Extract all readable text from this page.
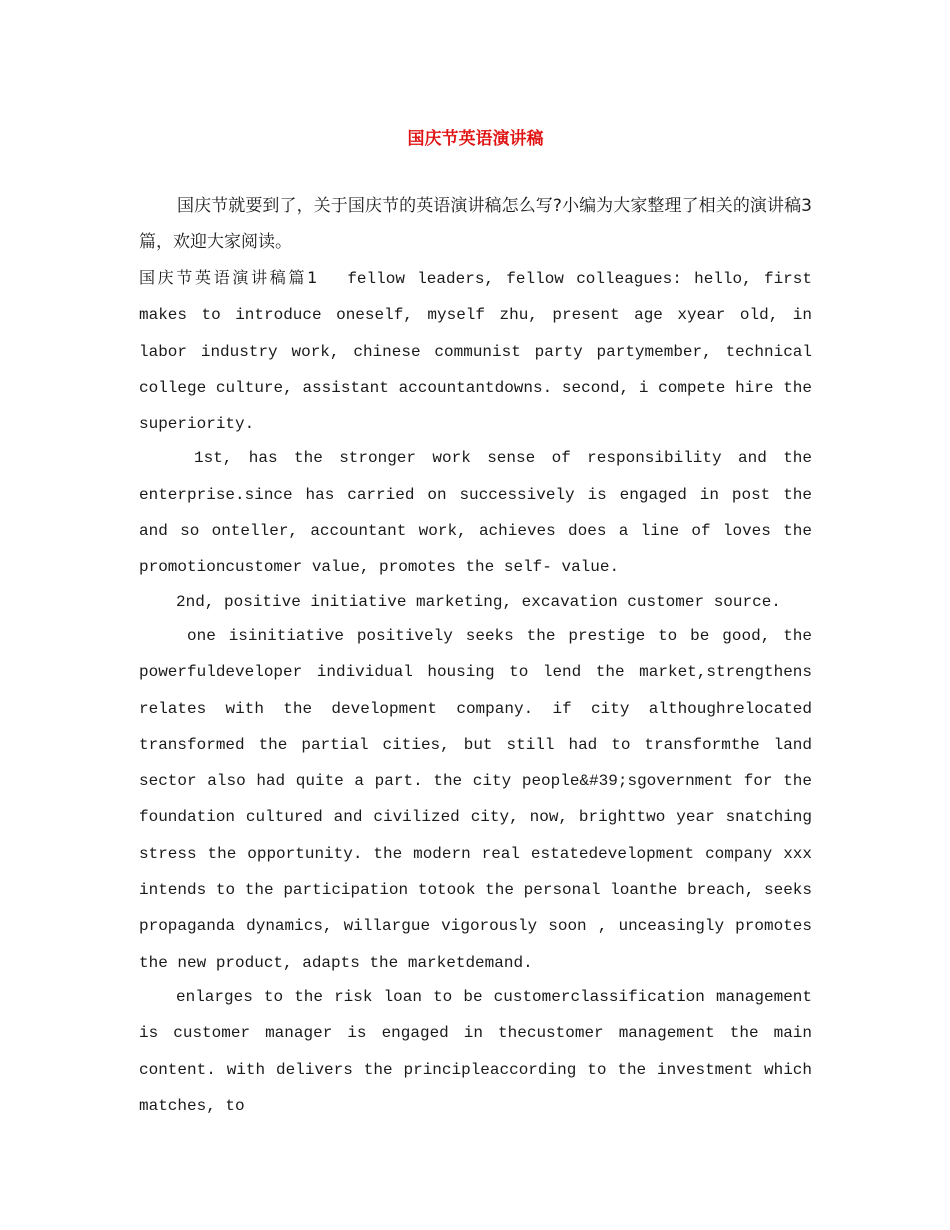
国庆节英语演讲稿

国庆节就要到了，关于国庆节的英语演讲稿怎么写?小编为大家整理了相关的演讲稿3篇，欢迎大家阅读。

国庆节英语演讲稿篇1 fellow leaders, fellow colleagues: hello, first makes to introduce oneself, myself zhu, present age xyear old, in labor industry work, chinese communist party partymember, technical college culture, assistant accountantdowns. second, i compete hire the superiority.

1st, has the stronger work sense of responsibility and the enterprise.since has carried on successively is engaged in post the and so onteller, accountant work, achieves does a line of loves the promotioncustomer value, promotes the self- value.

2nd, positive initiative marketing, excavation customer source.

one isinitiative positively seeks the prestige to be good, the powerfuldeveloper individual housing to lend the market,strengthens relates with the development company. if city althoughrelocated transformed the partial cities, but still had to transformthe land sector also had quite a part. the city people&#39;sgovernment for the foundation cultured and civilized city, now, brighttwo year snatching stress the opportunity. the modern real estatedevelopment company xxx intends to the participation totook the personal loanthe breach, seeks propaganda dynamics, willargue vigorously soon , unceasingly promotes the new product, adapts the marketdemand.

enlarges to the risk loan to be customerclassification management is customer manager is engaged in thecustomer management the main content. with delivers the principleaccording to the investment which matches, to
